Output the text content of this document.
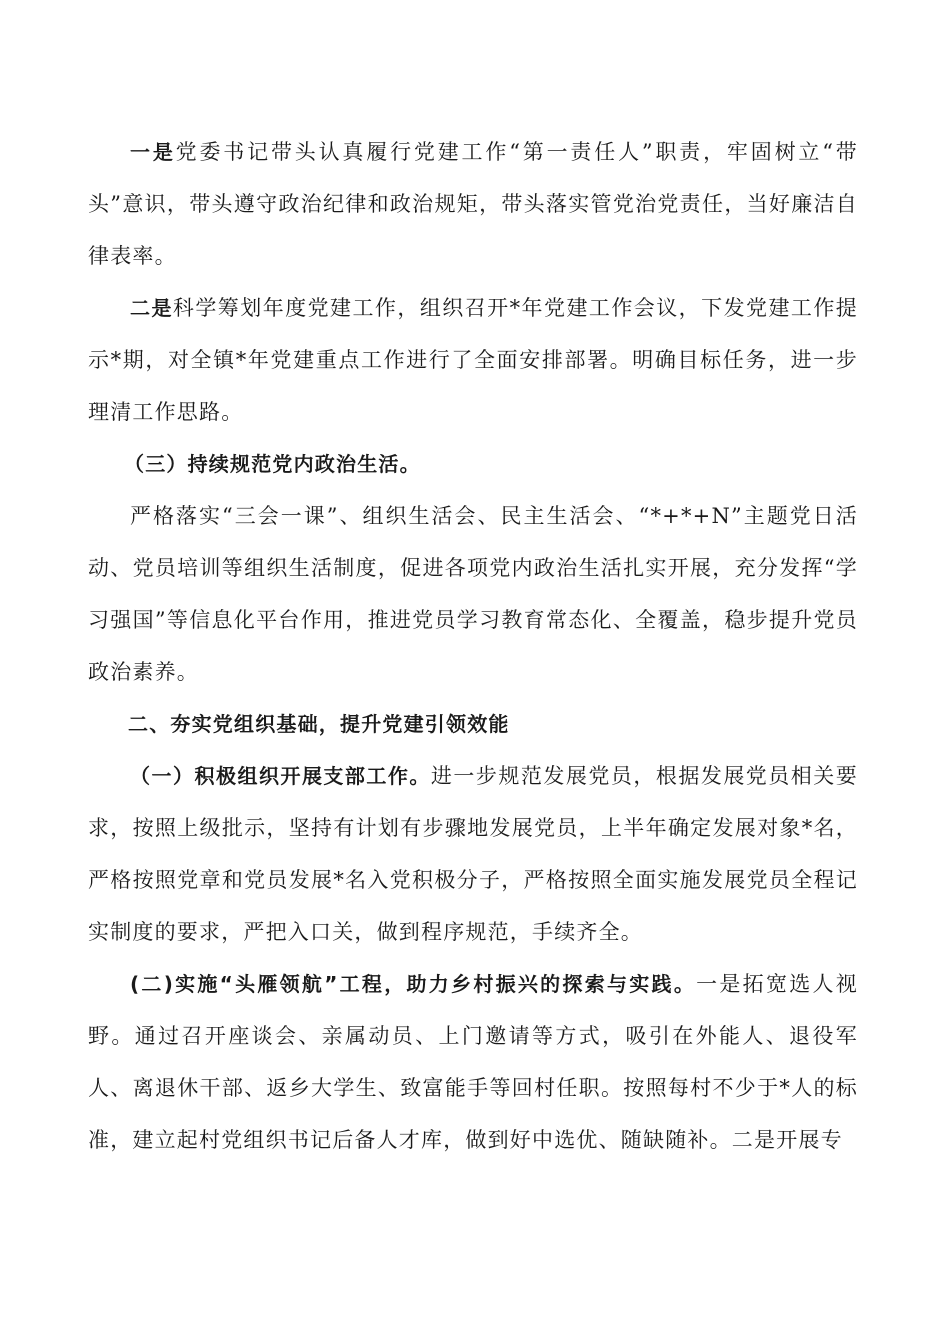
一是党委书记带头认真履行党建工作“第一责任人”职责，牢固树立“带头”意识，带头遵守政治纪律和政治规矩，带头落实管党治党责任，当好廉洁自律表率。

二是科学筹划年度党建工作，组织召开*年党建工作会议，下发党建工作提示*期，对全镇*年党建重点工作进行了全面安排部署。明确目标任务，进一步理清工作思路。

（三）持续规范党内政治生活。

严格落实“三会一课”、组织生活会、民主生活会、“*+*+N”主题党日活动、党员培训等组织生活制度，促进各项党内政治生活扎实开展，充分发挥“学习强国”等信息化平台作用，推进党员学习教育常态化、全覆盖，稳步提升党员政治素养。

二、夯实党组织基础，提升党建引领效能

（一）积极组织开展支部工作。进一步规范发展党员，根据发展党员相关要求，按照上级批示，坚持有计划有步骤地发展党员，上半年确定发展对象*名，严格按照党章和党员发展*名入党积极分子，严格按照全面实施发展党员全程记实制度的要求，严把入口关，做到程序规范，手续齐全。

(二)实施“头雁领航”工程，助力乡村振兴的探索与实践。一是拓宽选人视野。通过召开座谈会、亲属动员、上门邀请等方式，吸引在外能人、退役军人、离退休干部、返乡大学生、致富能手等回村任职。按照每村不少于*人的标准，建立起村党组织书记后备人才库，做到好中选优、随缺随补。二是开展专
